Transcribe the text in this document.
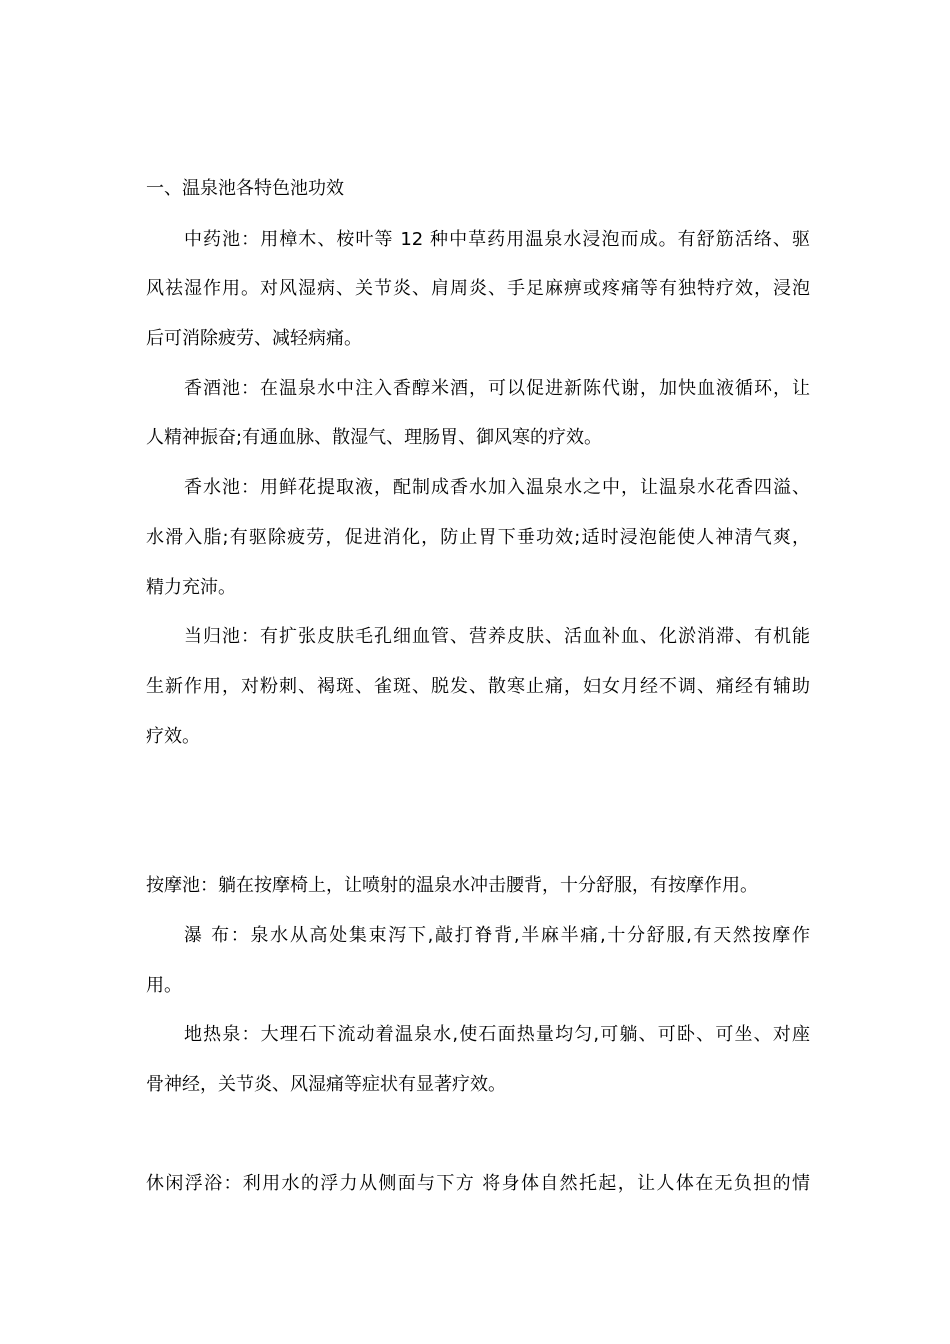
一、温泉池各特色池功效
中药池：用樟木、桉叶等 12 种中草药用温泉水浸泡而成。有舒筋活络、驱
风祛湿作用。对风湿病、关节炎、肩周炎、手足麻痹或疼痛等有独特疗效，浸泡
后可消除疲劳、减轻病痛。
香酒池：在温泉水中注入香醇米酒，可以促进新陈代谢，加快血液循环，让
人精神振奋;有通血脉、散湿气、理肠胃、御风寒的疗效。
香水池：用鲜花提取液，配制成香水加入温泉水之中，让温泉水花香四溢、
水滑入脂;有驱除疲劳，促进消化，防止胃下垂功效;适时浸泡能使人神清气爽，
精力充沛。
当归池：有扩张皮肤毛孔细血管、营养皮肤、活血补血、化淤消滞、有机能
生新作用，对粉刺、褐斑、雀斑、脱发、散寒止痛，妇女月经不调、痛经有辅助
疗效。
按摩池：躺在按摩椅上，让喷射的温泉水冲击腰背，十分舒服，有按摩作用。
瀑 布：泉水从高处集束泻下,敲打脊背,半麻半痛,十分舒服,有天然按摩作
用。
地热泉：大理石下流动着温泉水,使石面热量均匀,可躺、可卧、可坐、对座
骨神经，关节炎、风湿痛等症状有显著疗效。
休闲浮浴：利用水的浮力从侧面与下方 将身体自然托起，让人体在无负担的情
